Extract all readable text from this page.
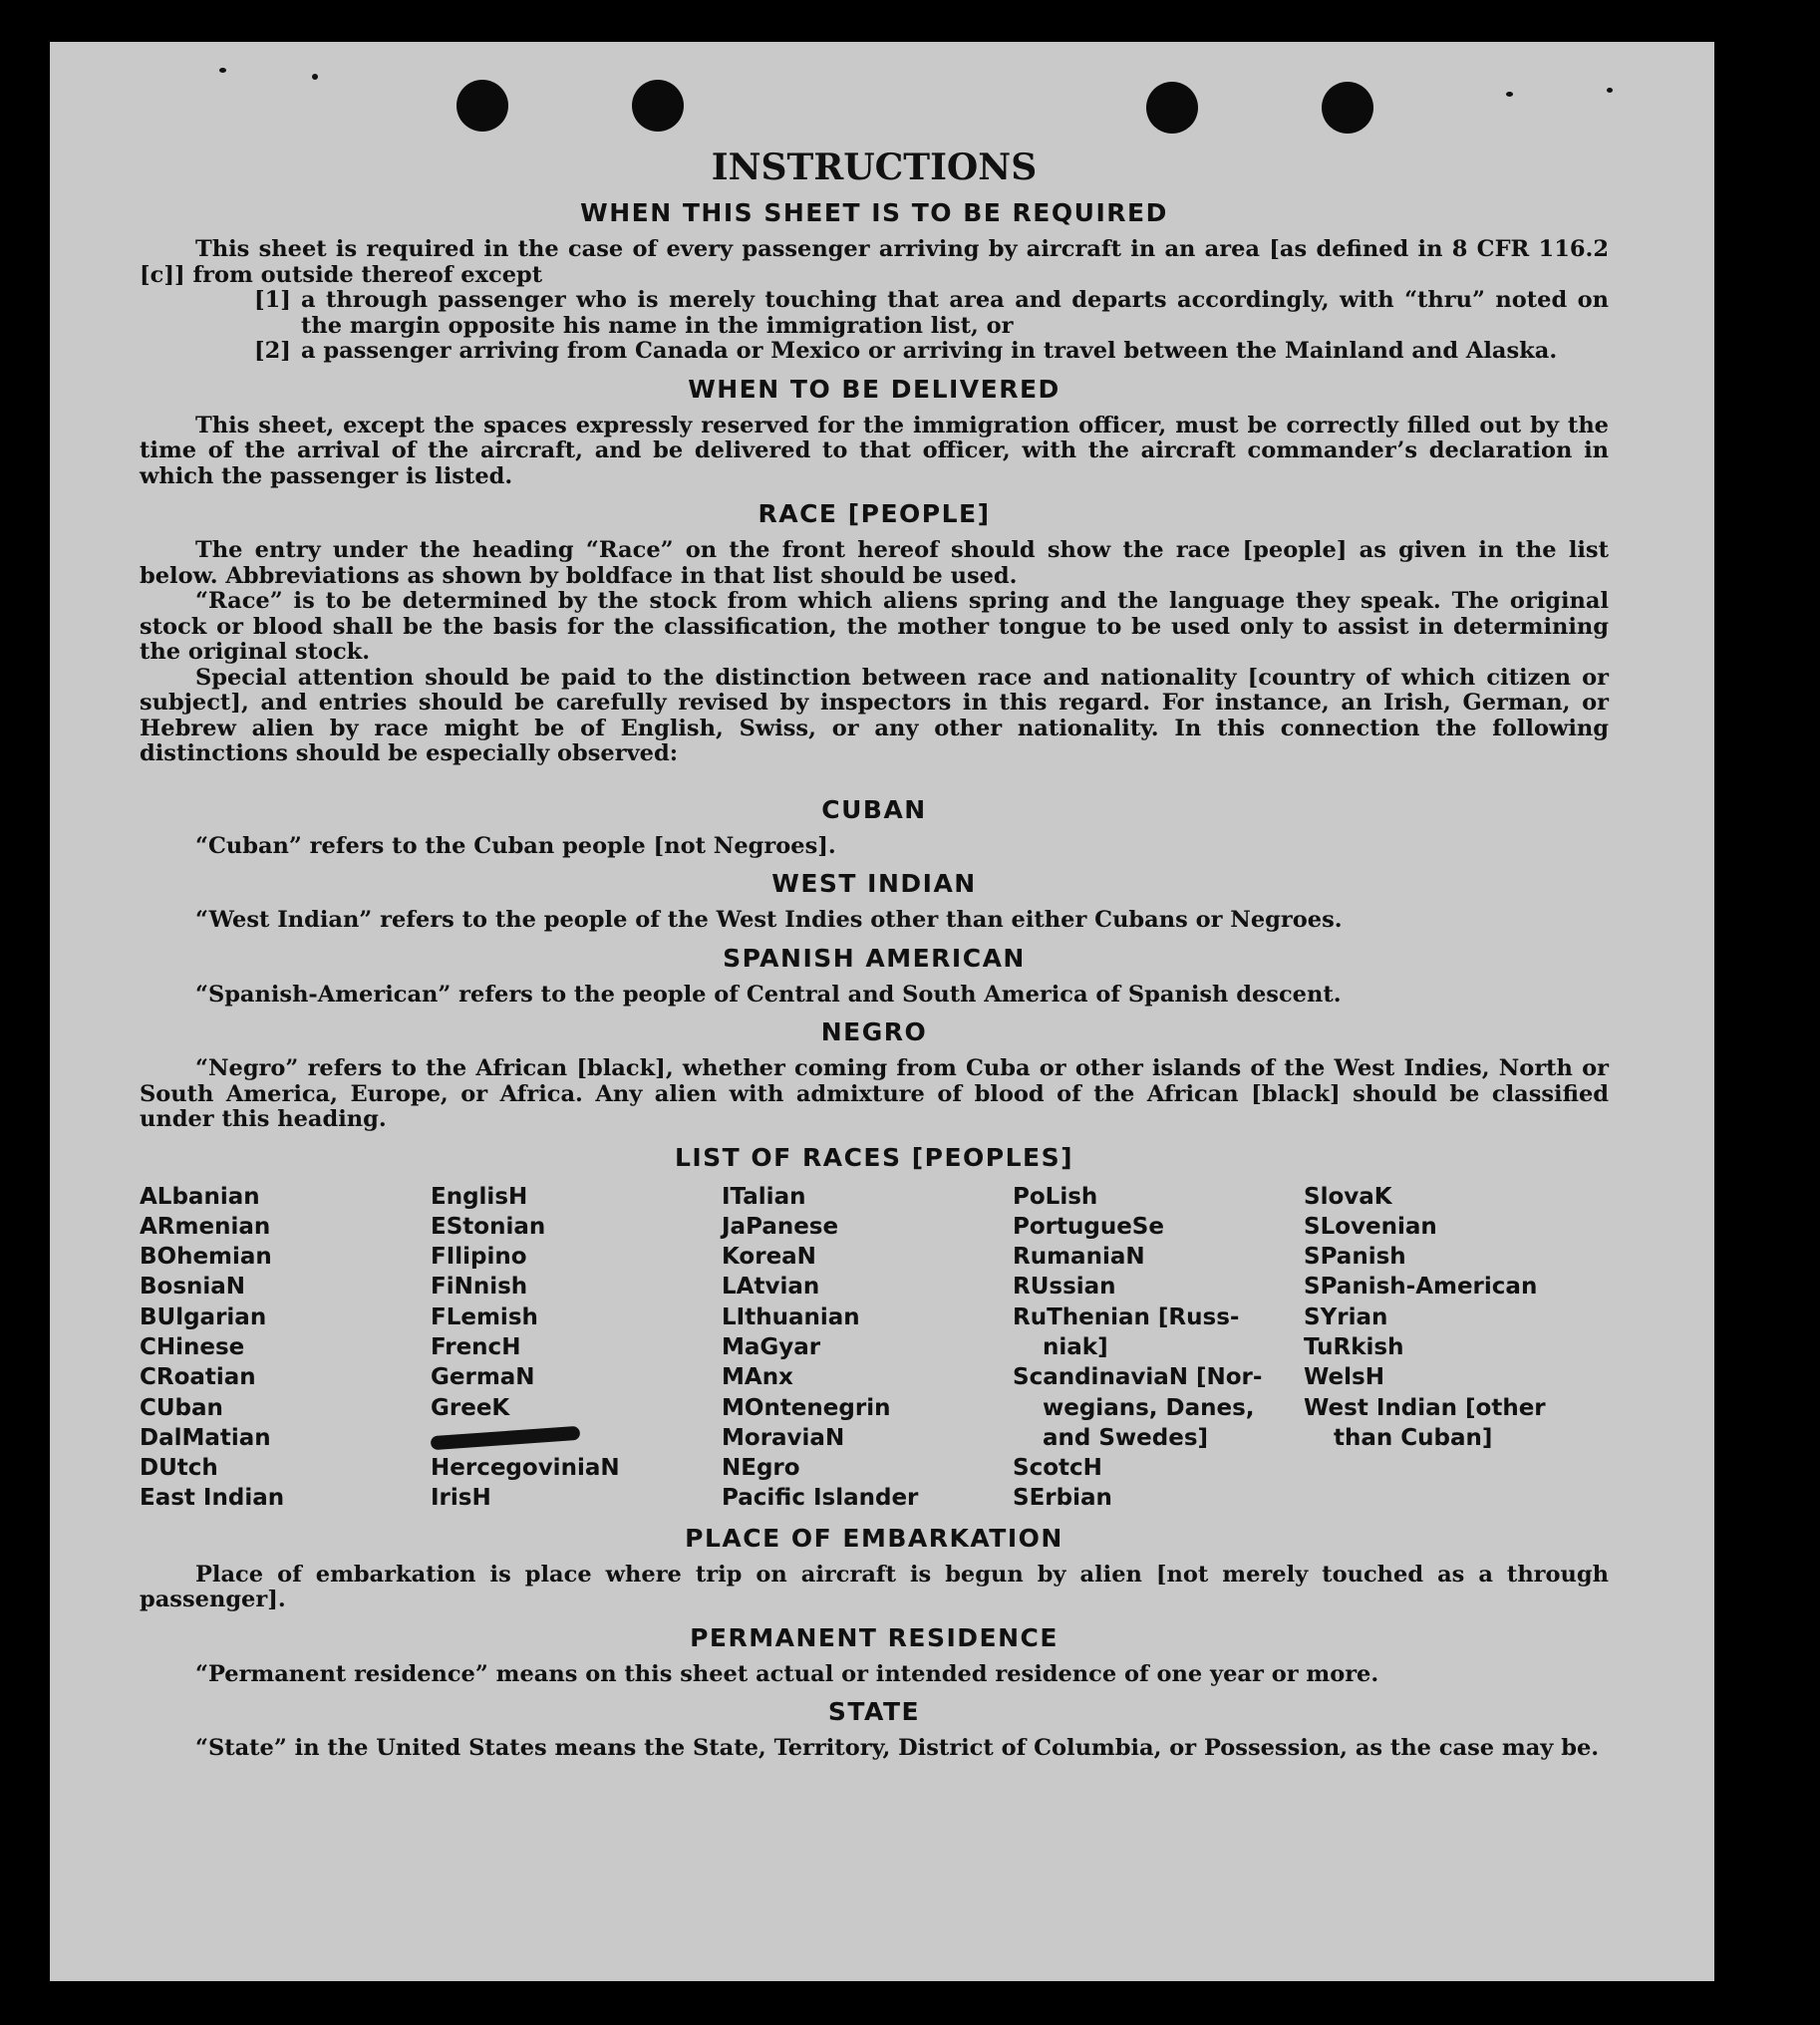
INSTRUCTIONS
WHEN THIS SHEET IS TO BE REQUIRED

This sheet is required in the case of every passenger arriving by aircraft in an area [as defined in 8 CFR 116.2 [c]] from outside thereof except

[1] a through passenger who is merely touching that area and departs accordingly, with “thru” noted on the margin opposite his name in the immigration list, or
[2] a passenger arriving from Canada or Mexico or arriving in travel between the Mainland and Alaska.
WHEN TO BE DELIVERED

This sheet, except the spaces expressly reserved for the immigration officer, must be correctly filled out by the time of the arrival of the aircraft, and be delivered to that officer, with the aircraft commander’s declaration in which the passenger is listed.

RACE [PEOPLE]

The entry under the heading “Race” on the front hereof should show the race [people] as given in the list below. Abbreviations as shown by boldface in that list should be used.

“Race” is to be determined by the stock from which aliens spring and the language they speak. The original stock or blood shall be the basis for the classification, the mother tongue to be used only to assist in determining the original stock.

Special attention should be paid to the distinction between race and nationality [country of which citizen or subject], and entries should be carefully revised by inspectors in this regard. For instance, an Irish, German, or Hebrew alien by race might be of English, Swiss, or any other nationality. In this connection the following distinctions should be especially observed:

CUBAN

“Cuban” refers to the Cuban people [not Negroes].

WEST INDIAN

“West Indian” refers to the people of the West Indies other than either Cubans or Negroes.

SPANISH AMERICAN

“Spanish-American” refers to the people of Central and South America of Spanish descent.

NEGRO

“Negro” refers to the African [black], whether coming from Cuba or other islands of the West Indies, North or South America, Europe, or Africa. Any alien with admixture of blood of the African [black] should be classified under this heading.

LIST OF RACES [PEOPLES]
ALbanian
ARmenian
BOhemian
BosniaN
BUlgarian
CHinese
CRoatian
CUban
DalMatian
DUtch
East Indian
EnglisH
EStonian
FIlipino
FiNnish
FLemish
FrencH
GermaN
GreeK
HercegoviniaN
IrisH
ITalian
JaPanese
KoreaN
LAtvian
LIthuanian
MaGyar
MAnx
MOntenegrin
MoraviaN
NEgro
Pacific Islander
PoLish
PortugueSe
RumaniaN
RUssian
RuThenian [Russ-
niak]
ScandinaviaN [Nor-
wegians, Danes,
and Swedes]
ScotcH
SErbian
SlovaK
SLovenian
SPanish
SPanish-American
SYrian
TuRkish
WelsH
West Indian [other
than Cuban]
PLACE OF EMBARKATION

Place of embarkation is place where trip on aircraft is begun by alien [not merely touched as a through passenger].

PERMANENT RESIDENCE

“Permanent residence” means on this sheet actual or intended residence of one year or more.

STATE

“State” in the United States means the State, Territory, District of Columbia, or Possession, as the case may be.
